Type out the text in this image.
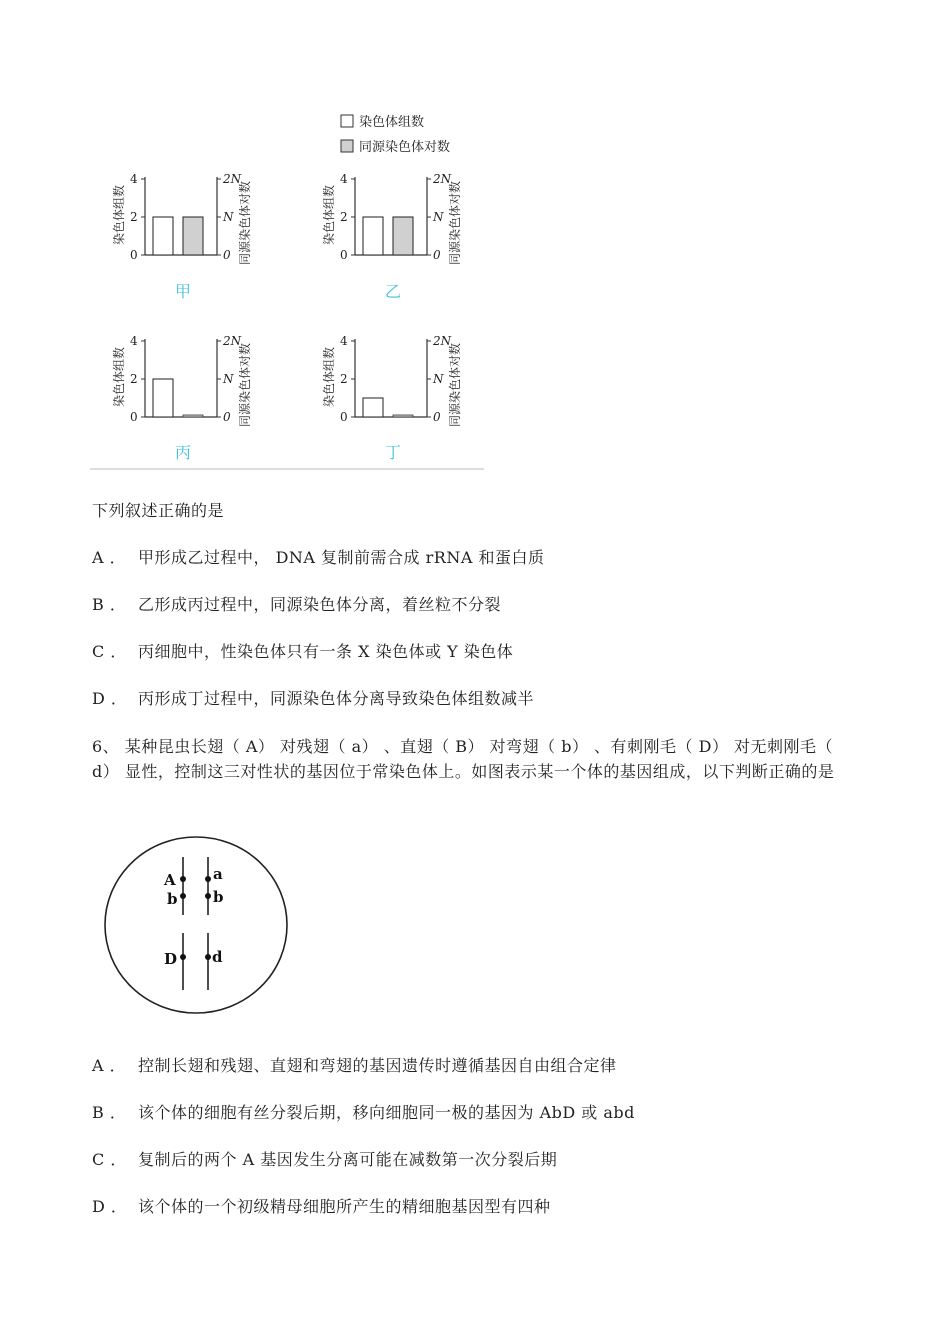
染色体组数
同源染色体对数
4	2N
2	N
0	0
染色体组数	同源染色体对数
甲
4	2N
2	N
0	0
染色体组数	同源染色体对数
乙
4	2N
2	N
0	0
染色体组数	同源染色体对数
丙
4	2N
2	N
0	0
染色体组数	同源染色体对数
丁
下列叙述正确的是
A ． 甲形成乙过程中， DNA 复制前需合成 rRNA 和蛋白质
B ． 乙形成丙过程中，同源染色体分离，着丝粒不分裂
C ． 丙细胞中，性染色体只有一条 X 染色体或 Y 染色体
D ． 丙形成丁过程中，同源染色体分离导致染色体组数减半
6、 某种昆虫长翅（ A） 对残翅（ a） 、直翅（ B） 对弯翅（ b） 、有刺刚毛（ D） 对无刺刚毛（ d） 显性，控制这三对性状的基因位于常染色体上。如图表示某一个体的基因组成，以下判断正确的是
A
b
a
b
D d
A ． 控制长翅和残翅、直翅和弯翅的基因遗传时遵循基因自由组合定律
B ． 该个体的细胞有丝分裂后期，移向细胞同一极的基因为 AbD 或 abd
C ． 复制后的两个 A 基因发生分离可能在减数第一次分裂后期
D ． 该个体的一个初级精母细胞所产生的精细胞基因型有四种
